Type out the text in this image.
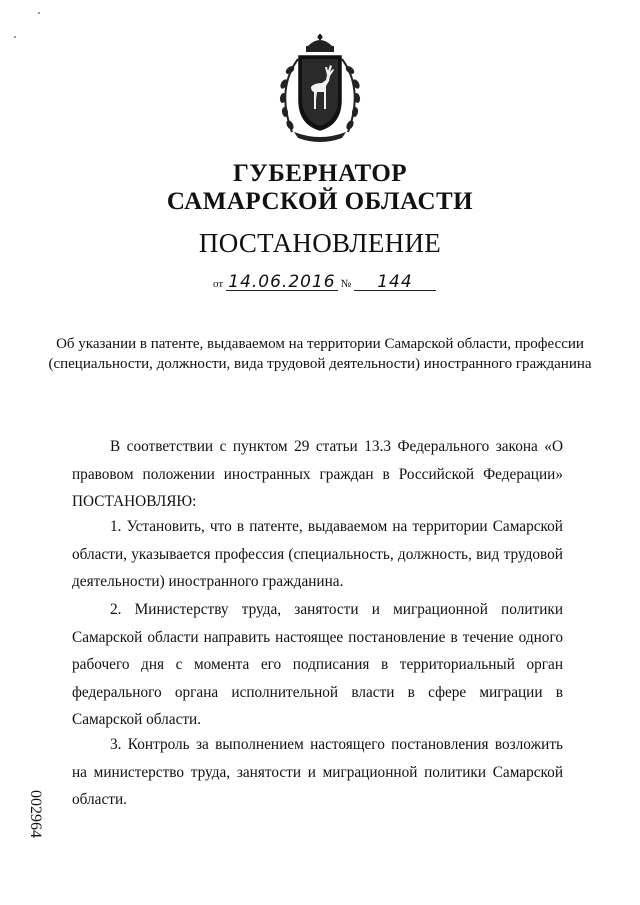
ГУБЕРНАТОР
САМАРСКОЙ ОБЛАСТИ
ПОСТАНОВЛЕНИЕ
от 14.06.2016 № 144
Об указании в патенте, выдаваемом на территории Самарской области, профессии (специальности, должности, вида трудовой деятельности) иностранного гражданина
В соответствии с пунктом 29 статьи 13.3 Федерального закона «О правовом положении иностранных граждан в Российской Федерации» ПОСТАНОВЛЯЮ:
1. Установить, что в патенте, выдаваемом на территории Самарской области, указывается профессия (специальность, должность, вид трудовой деятельности) иностранного гражданина.
2. Министерству труда, занятости и миграционной политики Самарской области направить настоящее постановление в течение одного рабочего дня с момента его подписания в территориальный орган федерального органа исполнительной власти в сфере миграции в Самарской области.
3. Контроль за выполнением настоящего постановления возложить на министерство труда, занятости и миграционной политики Самарской области.
002964
